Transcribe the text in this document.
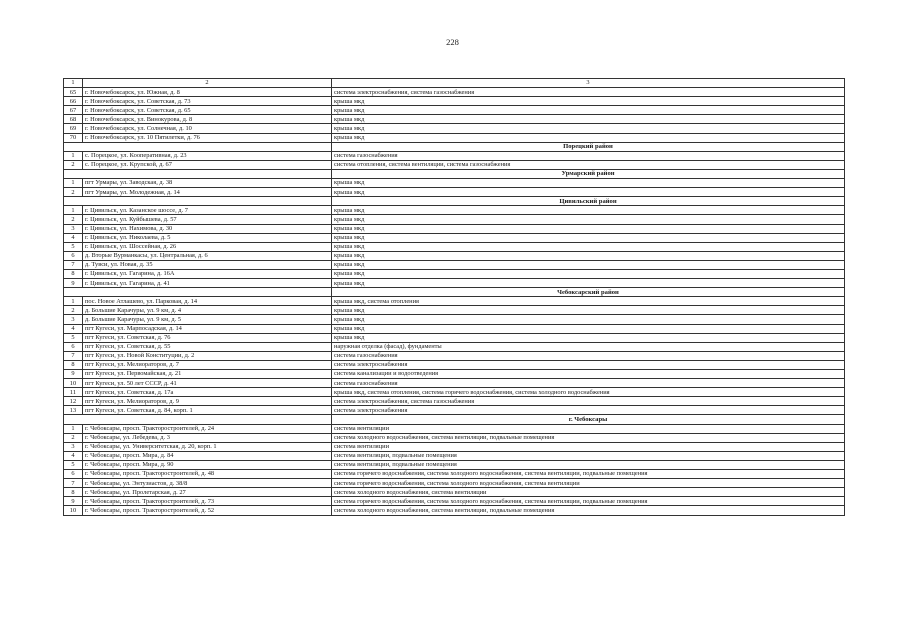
228
1	2	3
65	г. Новочебоксарск, ул. Южная, д. 8	система электроснабжения, система газоснабжения
66	г. Новочебоксарск, ул. Советская, д. 73	крыша мкд
67	г. Новочебоксарск, ул. Советская, д. 65	крыша мкд
68	г. Новочебоксарск, ул. Винокурова, д. 8	крыша мкд
69	г. Новочебоксарск, ул. Солнечная, д. 10	крыша мкд
70	г. Новочебоксарск, ул. 10 Пятилетки, д. 76	крыша мкд
		Порецкий район
1	с. Порецкое, ул. Кооперативная, д. 23	система газоснабжения
2	с. Порецкое, ул. Крупской, д. 67	система отопления, система вентиляции, система газоснабжения
		Урмарский район
1	пгт Урмары, ул. Заводская, д. 38	крыша мкд
2	пгт Урмары, ул. Молодежная, д. 14	крыша мкд
		Цивильский район
1	г. Цивильск, ул. Казанское шоссе, д. 7	крыша мкд
2	г. Цивильск, ул. Куйбышева, д. 57	крыша мкд
3	г. Цивильск, ул. Нахимова, д. 30	крыша мкд
4	г. Цивильск, ул. Николаева, д. 5	крыша мкд
5	г. Цивильск, ул. Шоссейная, д. 26	крыша мкд
6	д. Вторые Вурманкасы, ул. Центральная, д. 6	крыша мкд
7	д. Тувси, ул. Новая, д. 35	крыша мкд
8	г. Цивильск, ул. Гагарина, д. 16А	крыша мкд
9	г. Цивильск, ул. Гагарина, д. 41	крыша мкд
		Чебоксарский район
1	пос. Новое Атлашево, ул. Парковая, д. 14	крыша мкд, система отопления
2	д. Большие Карачуры, ул. 9 км, д. 4	крыша мкд
3	д. Большие Карачуры, ул. 9 км, д. 5	крыша мкд
4	пгт Кугеси, ул. Марпосадская, д. 14	крыша мкд
5	пгт Кугеси, ул. Советская, д. 76	крыша мкд
6	пгт Кугеси, ул. Советская, д. 55	наружная отделка (фасад), фундаменты
7	пгт Кугеси, ул. Новой Конституции, д. 2	система газоснабжения
8	пгт Кугеси, ул. Мелиораторов, д. 7	система электроснабжения
9	пгт Кугеси, ул. Первомайская, д. 21	система канализации и водоотведения
10	пгт Кугеси, ул. 50 лет СССР, д. 41	система газоснабжения
11	пгт Кугеси, ул. Советская, д. 17а	крыша мкд, система отопления, система горячего водоснабжения, система холодного водоснабжения
12	пгт Кугеси, ул. Мелиораторов, д. 9	система электроснабжения, система газоснабжения
13	пгт Кугеси, ул. Советская, д. 84, корп. 1	система электроснабжения
		г. Чебоксары
1	г. Чебоксары, просп. Тракторостроителей, д. 24	система вентиляции
2	г. Чебоксары, ул. Лебедева, д. 3	система холодного водоснабжения, система вентиляции, подвальные помещения
3	г. Чебоксары, ул. Университетская, д. 20, корп. 1	система вентиляции
4	г. Чебоксары, просп. Мира, д. 84	система вентиляции, подвальные помещения
5	г. Чебоксары, просп. Мира, д. 90	система вентиляции, подвальные помещения
6	г. Чебоксары, просп. Тракторостроителей, д. 48	система горячего водоснабжения, система холодного водоснабжения, система вентиляции, подвальные помещения
7	г. Чебоксары, ул. Энтузиастов, д. 38/8	система горячего водоснабжения, система холодного водоснабжения, система вентиляции
8	г. Чебоксары, ул. Пролетарская, д. 27	система холодного водоснабжения, система вентиляции
9	г. Чебоксары, просп. Тракторостроителей, д. 73	система горячего водоснабжения, система холодного водоснабжения, система вентиляции, подвальные помещения
10	г. Чебоксары, просп. Тракторостроителей, д. 52	система холодного водоснабжения, система вентиляции, подвальные помещения
